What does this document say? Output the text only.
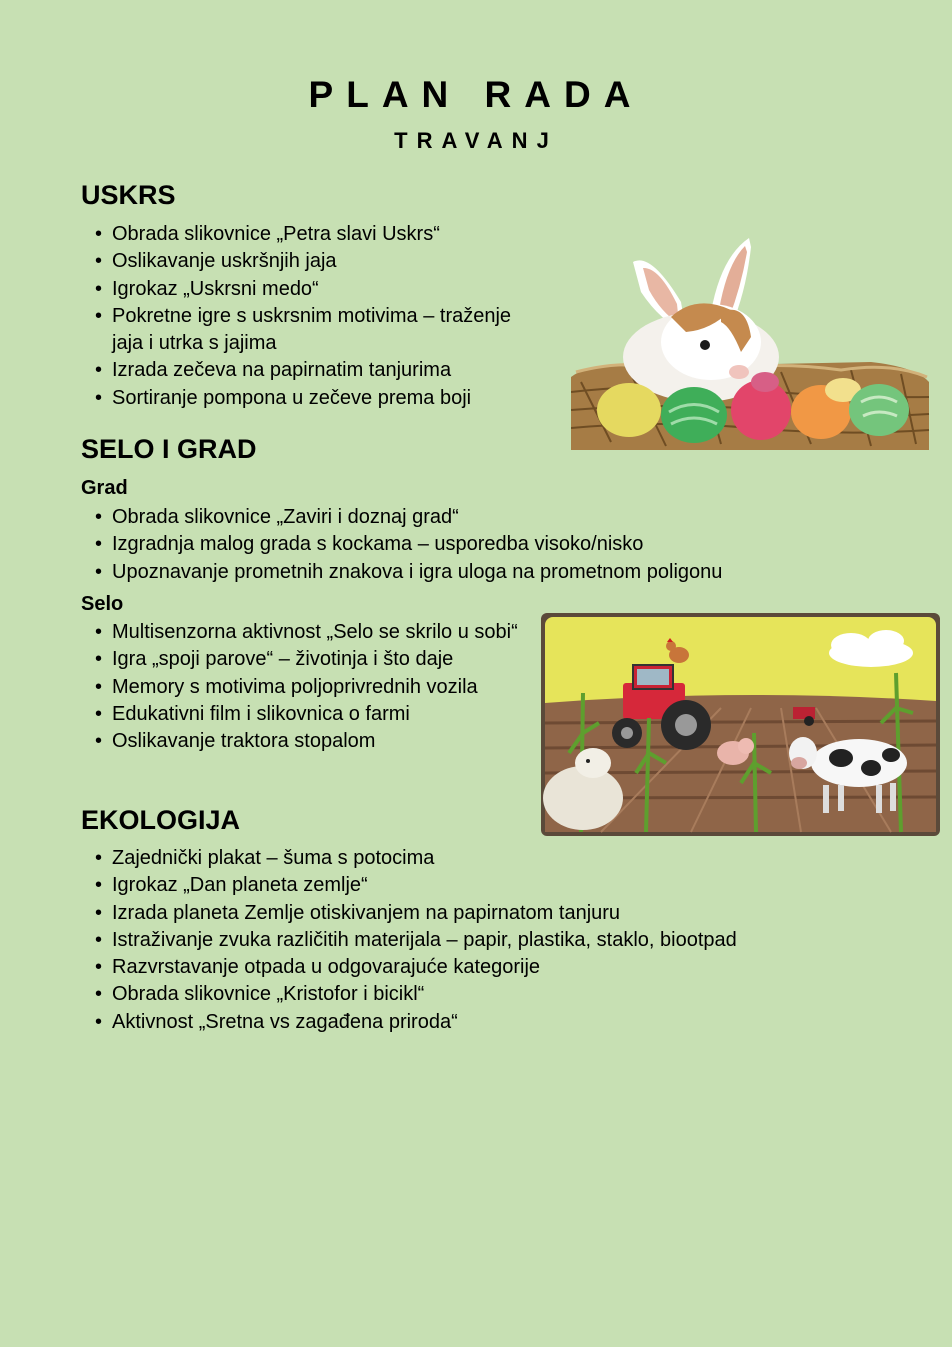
PLAN RADA
TRAVANJ
USKRS
• Obrada slikovnice „Petra slavi Uskrs“
• Oslikavanje uskršnjih jaja
• Igrokaz „Uskrsni medo“
• Pokretne igre s uskrsnim motivima – traženje jaja i utrka s jajima
• Izrada zečeva na papirnatim tanjurima
• Sortiranje pompona u zečeve prema boji
SELO I GRAD
Grad
• Obrada slikovnice „Zaviri i doznaj grad“
• Izgradnja malog grada s kockama – usporedba visoko/nisko
• Upoznavanje prometnih znakova i igra uloga na prometnom poligonu
Selo
• Multisenzorna aktivnost „Selo se skrilo u sobi“
• Igra „spoji parove“ – životinja i što daje
• Memory s motivima poljoprivrednih vozila
• Edukativni film i slikovnica o farmi
• Oslikavanje traktora stopalom
EKOLOGIJA
• Zajednički plakat – šuma s potocima
• Igrokaz „Dan planeta zemlje“
• Izrada planeta Zemlje otiskivanjem na papirnatom tanjuru
• Istraživanje zvuka različitih materijala – papir, plastika, staklo, biootpad
• Razvrstavanje otpada u odgovarajuće kategorije
• Obrada slikovnice „Kristofor i bicikl“
• Aktivnost „Sretna vs zagađena priroda“
